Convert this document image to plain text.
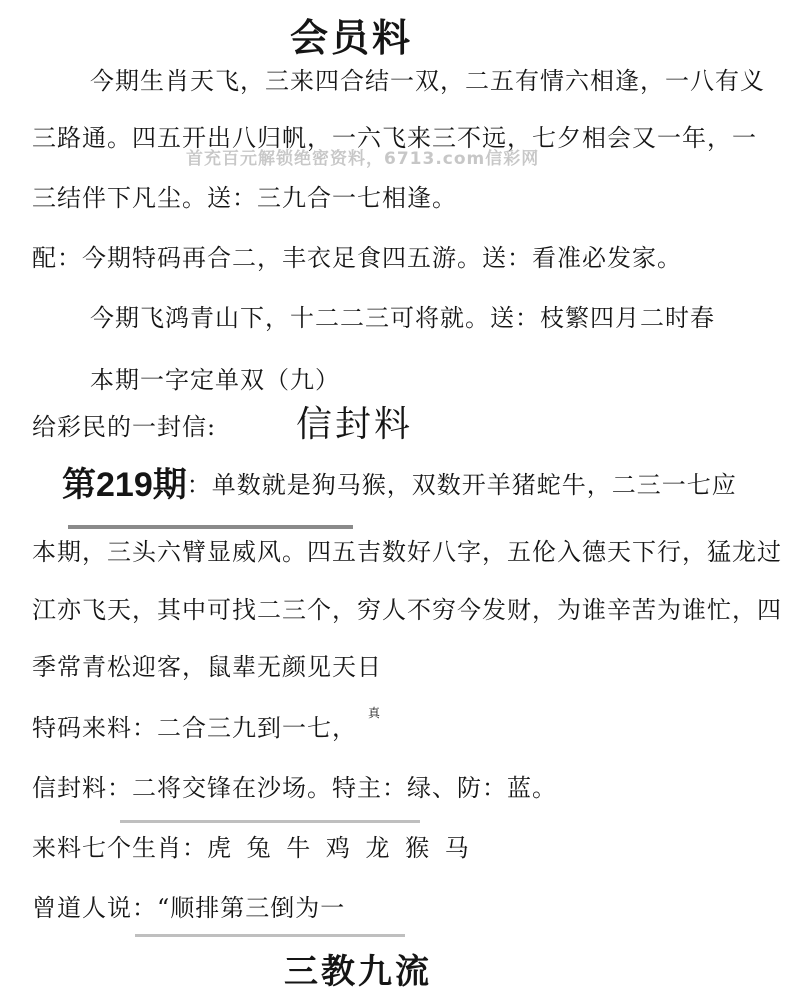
会员料
今期生肖天飞，三来四合结一双，二五有情六相逢，一八有义
三路通。四五开出八归帆，一六飞来三不远，七夕相会又一年，一
首充百元解锁绝密资料，6713.com信彩网
三结伴下凡尘。送：三九合一七相逢。
配：今期特码再合二，丰衣足食四五游。送：看准必发家。
今期飞鸿青山下，十二二三可将就。送：枝繁四月二时春
本期一字定单双（九）
给彩民的一封信: 信封料
第219期：单数就是狗马猴，双数开羊猪蛇牛，二三一七应
本期，三头六臂显威风。四五吉数好八字，五伦入德天下行，猛龙过
江亦飞天，其中可找二三个，穷人不穷今发财，为谁辛苦为谁忙，四
季常青松迎客，鼠辈无颜见天日
特码来料：二合三九到一七，
真
信封料：二将交锋在沙场。特主：绿、防：蓝。
来料七个生肖：虎 兔 牛 鸡 龙 猴 马
曾道人说：“顺排第三倒为一
三教九流
